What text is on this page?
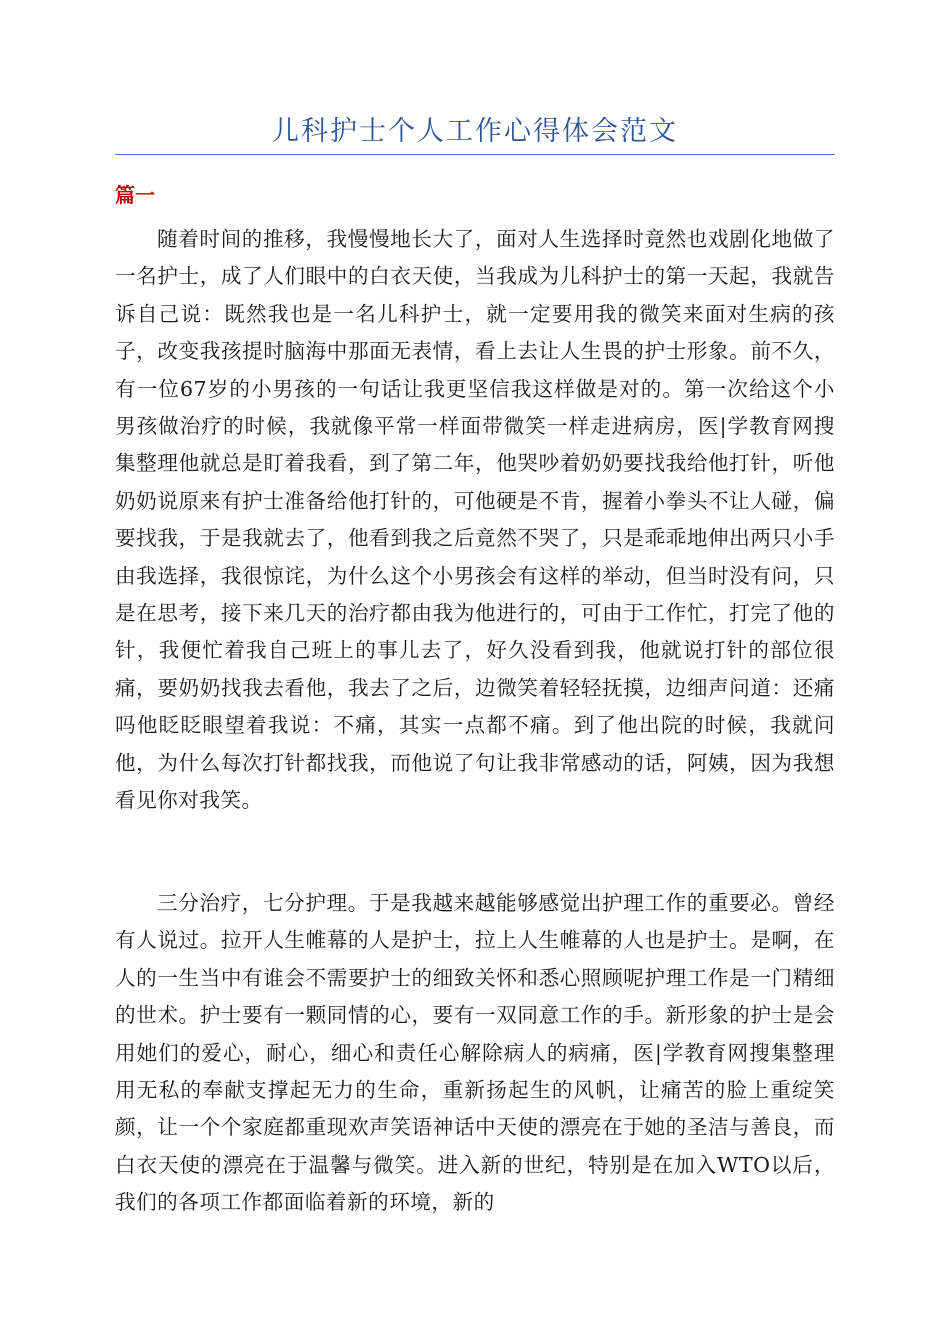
儿科护士个人工作心得体会范文
篇一

随着时间的推移，我慢慢地长大了，面对人生选择时竟然也戏剧化地做了一名护士，成了人们眼中的白衣天使，当我成为儿科护士的第一天起，我就告诉自己说：既然我也是一名儿科护士，就一定要用我的微笑来面对生病的孩子，改变我孩提时脑海中那面无表情，看上去让人生畏的护士形象。前不久，有一位67岁的小男孩的一句话让我更坚信我这样做是对的。第一次给这个小男孩做治疗的时候，我就像平常一样面带微笑一样走进病房，医|学教育网搜集整理他就总是盯着我看，到了第二年，他哭吵着奶奶要找我给他打针，听他奶奶说原来有护士准备给他打针的，可他硬是不肯，握着小拳头不让人碰，偏要找我，于是我就去了，他看到我之后竟然不哭了，只是乖乖地伸出两只小手由我选择，我很惊诧，为什么这个小男孩会有这样的举动，但当时没有问，只是在思考，接下来几天的治疗都由我为他进行的，可由于工作忙，打完了他的针，我便忙着我自己班上的事儿去了，好久没看到我，他就说打针的部位很痛，要奶奶找我去看他，我去了之后，边微笑着轻轻抚摸，边细声问道：还痛吗他眨眨眼望着我说：不痛，其实一点都不痛。到了他出院的时候，我就问他，为什么每次打针都找我，而他说了句让我非常感动的话，阿姨，因为我想看见你对我笑。

三分治疗，七分护理。于是我越来越能够感觉出护理工作的重要必。曾经有人说过。拉开人生帷幕的人是护士，拉上人生帷幕的人也是护士。是啊，在人的一生当中有谁会不需要护士的细致关怀和悉心照顾呢护理工作是一门精细的世术。护士要有一颗同情的心，要有一双同意工作的手。新形象的护士是会用她们的爱心，耐心，细心和责任心解除病人的病痛，医|学教育网搜集整理用无私的奉献支撑起无力的生命，重新扬起生的风帆，让痛苦的脸上重绽笑颜，让一个个家庭都重现欢声笑语神话中天使的漂亮在于她的圣洁与善良，而白衣天使的漂亮在于温馨与微笑。进入新的世纪，特别是在加入WTO以后，我们的各项工作都面临着新的环境，新的
